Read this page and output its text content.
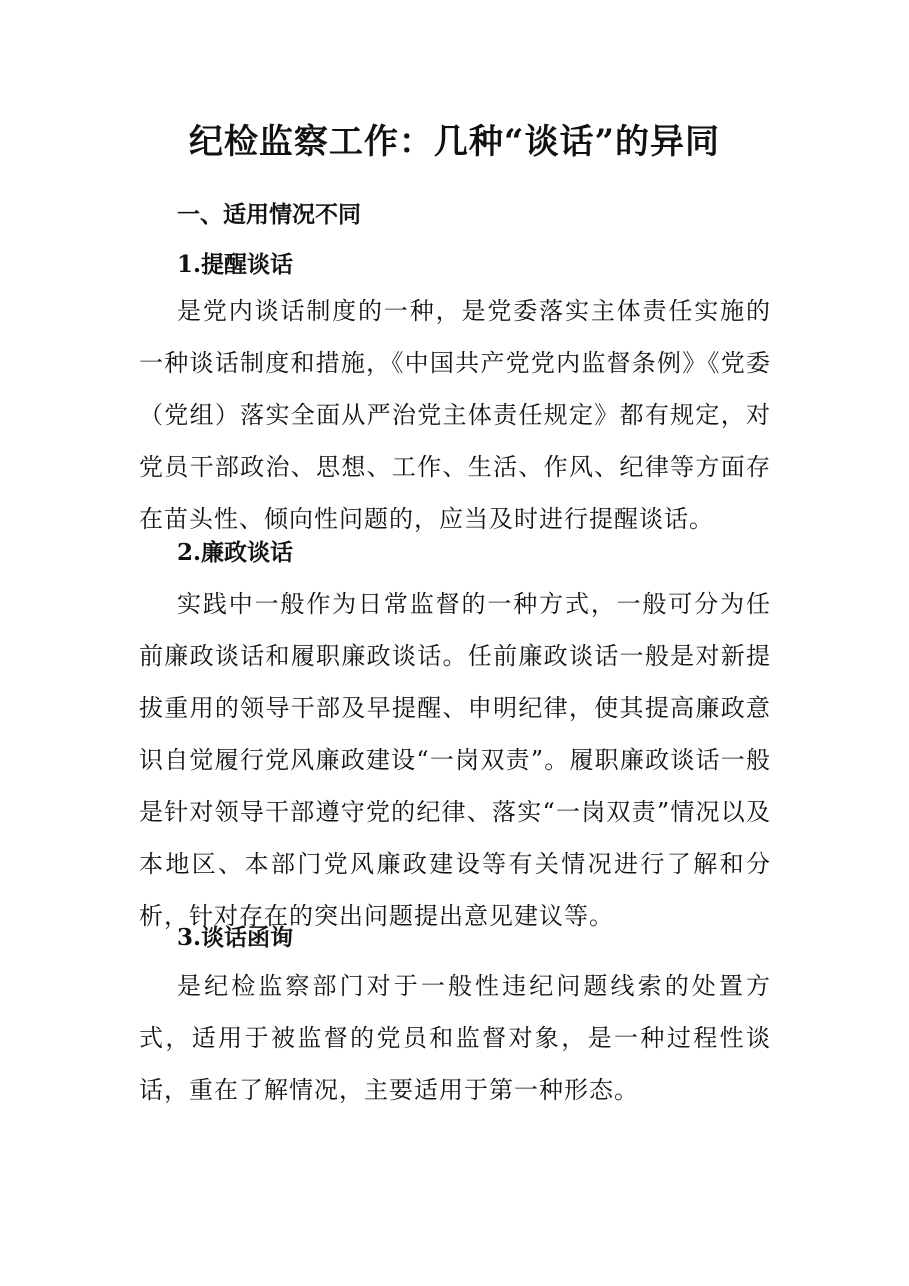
纪检监察工作：几种“谈话”的异同
一、适用情况不同
1.提醒谈话

是党内谈话制度的一种，是党委落实主体责任实施的一种谈话制度和措施，《中国共产党党内监督条例》《党委（党组）落实全面从严治党主体责任规定》都有规定，对党员干部政治、思想、工作、生活、作风、纪律等方面存在苗头性、倾向性问题的，应当及时进行提醒谈话。

2.廉政谈话

实践中一般作为日常监督的一种方式，一般可分为任前廉政谈话和履职廉政谈话。任前廉政谈话一般是对新提拔重用的领导干部及早提醒、申明纪律，使其提高廉政意识自觉履行党风廉政建设“一岗双责”。履职廉政谈话一般是针对领导干部遵守党的纪律、落实“一岗双责”情况以及本地区、本部门党风廉政建设等有关情况进行了解和分析，针对存在的突出问题提出意见建议等。

3.谈话函询

是纪检监察部门对于一般性违纪问题线索的处置方式，适用于被监督的党员和监督对象，是一种过程性谈话，重在了解情况，主要适用于第一种形态。
